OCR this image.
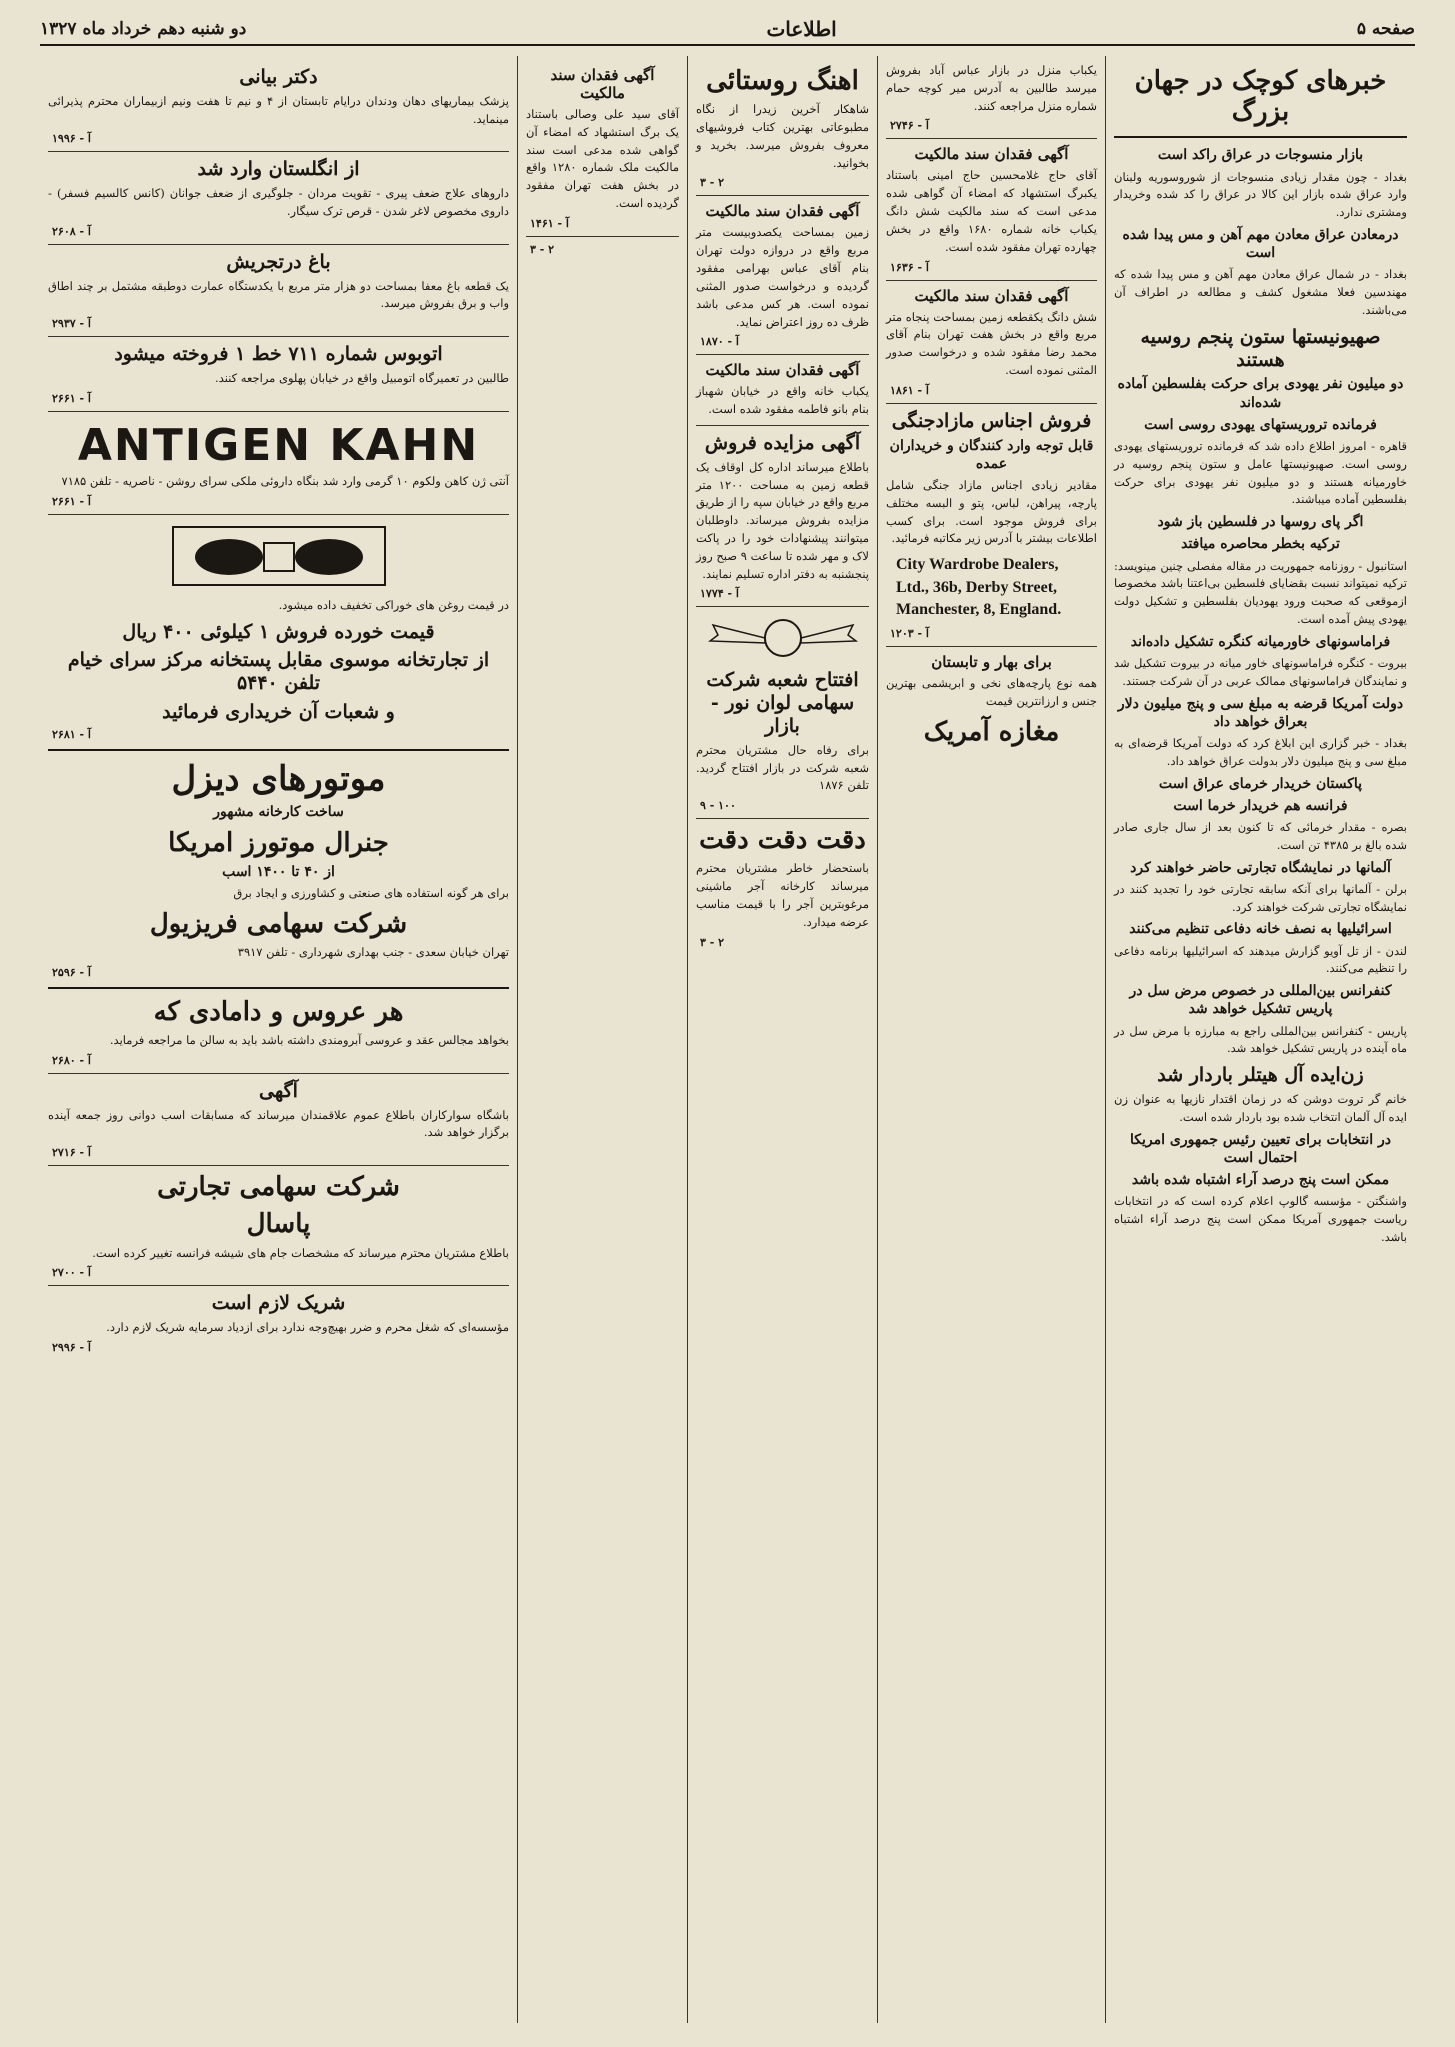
صفحه ۵
اطلاعات
دو شنبه دهم خرداد ماه ۱۳۲۷
خبرهای کوچک در جهان بزرگ
بازار منسوجات در عراق راکد است
بغداد - چون مقدار زیادی منسوجات از شوروسوریه ولبنان وارد عراق شده بازار این کالا در عراق را کد شده وخریدار ومشتری ندارد.
درمعادن عراق معادن مهم آهن و مس پیدا شده است
بغداد - در شمال عراق معادن مهم آهن و مس پیدا شده که مهندسین فعلا مشغول کشف و مطالعه در اطراف آن می‌باشند.
صهیونیستها ستون پنجم روسیه هستند
دو میلیون نفر یهودی برای حرکت بفلسطین آماده شده‌اند
فرمانده تروریستهای یهودی روسی است
قاهره - امروز اطلاع داده شد که فرمانده تروریستهای یهودی روسی است. صهیونیستها عامل و ستون پنجم روسیه در خاورمیانه هستند و دو میلیون نفر یهودی برای حرکت بفلسطین آماده میباشند.
اگر پای روسها در فلسطین باز شود
ترکیه بخطر محاصره میافتد
استانبول - روزنامه جمهوریت در مقاله مفصلی چنین مینویسد: ترکیه نمیتواند نسبت بقضایای فلسطین بی‌اعتنا باشد مخصوصا ازموقعی که صحبت ورود یهودیان بفلسطین و تشکیل دولت یهودی پیش آمده است.
فراماسونهای خاورمیانه کنگره تشکیل داده‌اند
بیروت - کنگره فراماسونهای خاور میانه در بیروت تشکیل شد و نمایندگان فراماسونهای ممالک عربی در آن شرکت جستند.
دولت آمریکا قرضه به مبلغ سی و پنج میلیون دلار بعراق خواهد داد
بغداد - خبر گزاری این ابلاغ کرد که دولت آمریکا قرضه‌ای به مبلغ سی و پنج میلیون دلار بدولت عراق خواهد داد.
پاکستان خریدار خرمای عراق است
فرانسه هم خریدار خرما است
بصره - مقدار خرمائی که تا کنون بعد از سال جاری صادر شده بالغ بر ۴۳۸۵ تن است.
آلمانها در نمایشگاه تجارتی حاضر خواهند کرد
برلن - آلمانها برای آنکه سابقه تجارتی خود را تجدید کنند در نمایشگاه تجارتی شرکت خواهند کرد.
اسرائیلیها به نصف خانه دفاعی تنظیم می‌کنند
لندن - از تل آویو گزارش میدهند که اسرائیلیها برنامه دفاعی را تنظیم می‌کنند.
کنفرانس بین‌المللی در خصوص مرض سل در پاریس تشکیل خواهد شد
پاریس - کنفرانس بین‌المللی راجع به مبارزه با مرض سل در ماه آینده در پاریس تشکیل خواهد شد.
زن‌ایده آل هیتلر باردار شد
خانم گر تروت دوشن که در زمان اقتدار نازیها به عنوان زن ایده آل آلمان انتخاب شده بود باردار شده است.
در انتخابات برای تعیین رئیس جمهوری امریکا احتمال است
ممکن است پنج درصد آراء اشتباه شده باشد
واشنگتن - مؤسسه گالوپ اعلام کرده است که در انتخابات ریاست جمهوری آمریکا ممکن است پنج درصد آراء اشتباه باشد.
یکباب منزل در بازار عباس آباد بفروش میرسد طالبین به آدرس میر کوچه حمام شماره منزل مراجعه کنند.
آ - ۲۷۴۶
آگهی فقدان سند مالکیت
آقای حاج غلامحسین حاج امینی باستناد یکبرگ استشهاد که امضاء آن گواهی شده مدعی است که سند مالکیت شش دانگ یکباب خانه شماره ۱۶۸۰ واقع در بخش چهارده تهران مفقود شده است.
آ - ۱۶۳۶
آگهی فقدان سند مالکیت
شش دانگ یکقطعه زمین بمساحت پنجاه متر مربع واقع در بخش هفت تهران بنام آقای محمد رضا مفقود شده و درخواست صدور المثنی نموده است.
آ - ۱۸۶۱
فروش اجناس مازادجنگی
قابل توجه وارد کنندگان و خریداران عمده
مقادیر زیادی اجناس مازاد جنگی شامل پارچه، پیراهن، لباس، پتو و البسه مختلف برای فروش موجود است. برای کسب اطلاعات بیشتر با آدرس زیر مکاتبه فرمائید.
City Wardrobe Dealers, Ltd., 36b, Derby Street, Manchester, 8, England.
آ - ۱۲۰۳
برای بهار و تابستان
همه نوع پارچه‌های نخی و ابریشمی بهترین جنس و ارزانترین قیمت
مغازه آمریک
اهنگ روستائی
شاهکار آخرین زیدرا از نگاه مطبوعاتی بهترین کتاب فروشیهای معروف بفروش میرسد. بخرید و بخوانید.
۳ - ۲
آگهی فقدان سند مالکیت
زمین بمساحت یکصدوبیست متر مربع واقع در دروازه دولت تهران بنام آقای عباس بهرامی مفقود گردیده و درخواست صدور المثنی نموده است. هر کس مدعی باشد ظرف ده روز اعتراض نماید.
آ - ۱۸۷۰
آگهی فقدان سند مالکیت
یکباب خانه واقع در خیابان شهباز بنام بانو فاطمه مفقود شده است.
آگهی مزایده فروش
باطلاع میرساند اداره کل اوقاف یک قطعه زمین به مساحت ۱۲۰۰ متر مربع واقع در خیابان سپه را از طریق مزایده بفروش میرساند. داوطلبان میتوانند پیشنهادات خود را در پاکت لاک و مهر شده تا ساعت ۹ صبح روز پنجشنبه به دفتر اداره تسلیم نمایند.
آ - ۱۷۷۴
افتتاح شعبه شرکت سهامی لوان نور - بازار
برای رفاه حال مشتریان محترم شعبه شرکت در بازار افتتاح گردید. تلفن ۱۸۷۶
۹ - ۱۰۰
دقت دقت دقت
باستحضار خاطر مشتریان محترم میرساند کارخانه آجر ماشینی مرغوبترین آجر را با قیمت مناسب عرضه میدارد.
۳ - ۲
آگهی فقدان سند مالکیت
آقای سید علی وصالی باستناد یک برگ استشهاد که امضاء آن گواهی شده مدعی است سند مالکیت ملک شماره ۱۲۸۰ واقع در بخش هفت تهران مفقود گردیده است.
آ - ۱۴۶۱
۳ - ۲
دکتر بیانی
پزشک بیماریهای دهان ودندان درایام تابستان از ۴ و نیم تا هفت ونیم ازبیماران محترم پذیرائی مینماید.
آ - ۱۹۹۶
از انگلستان وارد شد
داروهای علاج ضعف پیری - تقویت مردان - جلوگیری از ضعف جوانان (کانس کالسیم فسفر) - داروی مخصوص لاغر شدن - قرص ترک سیگار.
آ - ۲۶۰۸
باغ درتجریش
یک قطعه باغ معفا بمساحت دو هزار متر مربع با یکدستگاه عمارت دوطبقه مشتمل بر چند اطاق واب و برق بفروش میرسد.
آ - ۲۹۳۷
اتوبوس شماره ۷۱۱ خط ۱ فروخته میشود
طالبین در تعمیرگاه اتومبیل واقع در خیابان پهلوی مراجعه کنند.
آ - ۲۶۶۱
ANTIGEN KAHN
آنتی ژن کاهن ولکوم ۱۰ گرمی وارد شد بنگاه داروئی ملکی سرای روشن - ناصریه - تلفن ۷۱۸۵
آ - ۲۶۶۱
در قیمت روغن های خوراکی تخفیف داده میشود.
قیمت خورده فروش ۱ کیلوئی ۴۰۰ ریال
از تجارتخانه موسوی مقابل پستخانه مرکز سرای خیام تلفن ۵۴۴۰
و شعبات آن خریداری فرمائید
آ - ۲۶۸۱
موتورهای دیزل
ساخت کارخانه مشهور
جنرال موتورز امریکا
از ۴۰ تا ۱۴۰۰ اسب
برای هر گونه استفاده های صنعتی و کشاورزی و ایجاد برق
شرکت سهامی فریزیول
تهران خیابان سعدی - جنب بهداری شهرداری - تلفن ۳۹۱۷
آ - ۲۵۹۶
هر عروس و دامادی که
بخواهد مجالس عقد و عروسی آبرومندی داشته باشد باید به سالن ما مراجعه فرماید.
آ - ۲۶۸۰
آگهی
باشگاه سوارکاران باطلاع عموم علاقمندان میرساند که مسابقات اسب دوانی روز جمعه آینده برگزار خواهد شد.
آ - ۲۷۱۶
شرکت سهامی تجارتی
پاسال
باطلاع مشتریان محترم میرساند که مشخصات جام های شیشه فرانسه تغییر کرده است.
آ - ۲۷۰۰
شریک لازم است
مؤسسه‌ای که شغل محرم و ضرر بهیچ‌وجه ندارد برای ازدیاد سرمایه شریک لازم دارد.
آ - ۲۹۹۶
